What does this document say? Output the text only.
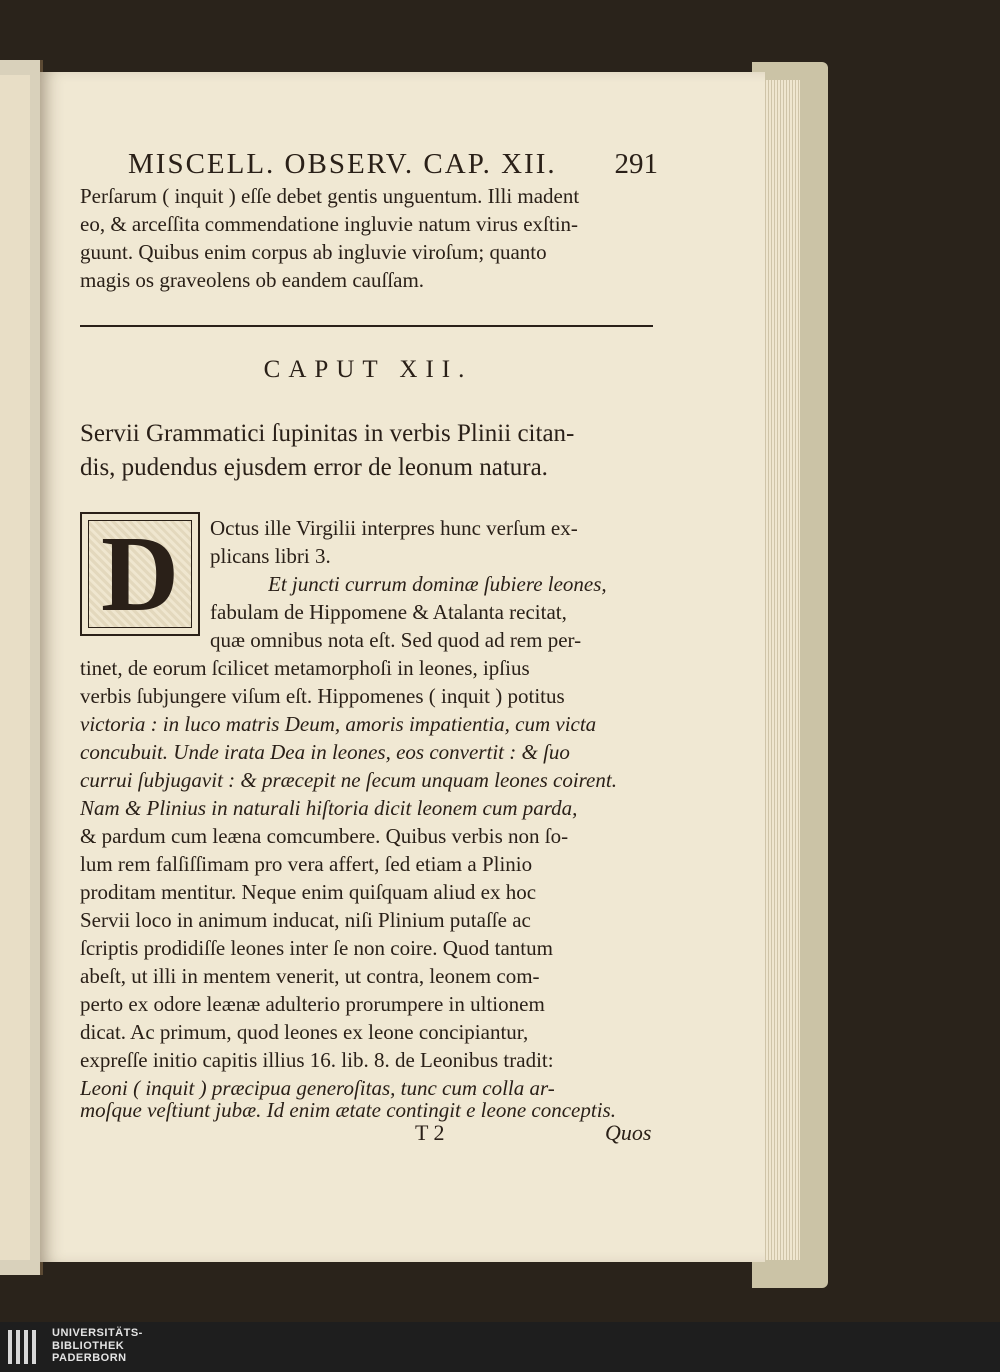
MISCELL. OBSERV. CAP. XII. 291
Perſarum ( inquit ) eſſe debet gentis unguentum. Illi madent
eo, & arceſſita commendatione ingluvie natum virus exſtin-
guunt. Quibus enim corpus ab ingluvie viroſum; quanto
magis os graveolens ob eandem cauſſam.
CAPUT XII.
Servii Grammatici ſupinitas in verbis Plinii citan-
dis, pudendus ejusdem error de leonum natura.
D	Octus ille Virgilii interpres hunc verſum ex-
plicans libri 3.
Et juncti currum dominæ ſubiere leones,
fabulam de Hippomene & Atalanta recitat,
quæ omnibus nota eſt. Sed quod ad rem per-
tinet, de eorum ſcilicet metamorphoſi in leones, ipſius
verbis ſubjungere viſum eſt. Hippomenes ( inquit ) potitus
victoria : in luco matris Deum, amoris impatientia, cum victa
concubuit. Unde irata Dea in leones, eos convertit : & ſuo
currui ſubjugavit : & præcepit ne ſecum unquam leones coirent.
Nam & Plinius in naturali hiſtoria dicit leonem cum parda,
& pardum cum leæna comcumbere. Quibus verbis non ſo-
lum rem falſiſſimam pro vera affert, ſed etiam a Plinio
proditam mentitur. Neque enim quiſquam aliud ex hoc
Servii loco in animum inducat, niſi Plinium putaſſe ac
ſcriptis prodidiſſe leones inter ſe non coire. Quod tantum
abeſt, ut illi in mentem venerit, ut contra, leonem com-
perto ex odore leænæ adulterio prorumpere in ultionem
dicat. Ac primum, quod leones ex leone concipiantur,
expreſſe initio capitis illius 16. lib. 8. de Leonibus tradit:
Leoni ( inquit ) præcipua generoſitas, tunc cum colla ar-
moſque veſtiunt jubæ. Id enim ætate contingit e leone conceptis.
T 2	Quos
UNIVERSITÄTS-
BIBLIOTHEK
PADERBORN
